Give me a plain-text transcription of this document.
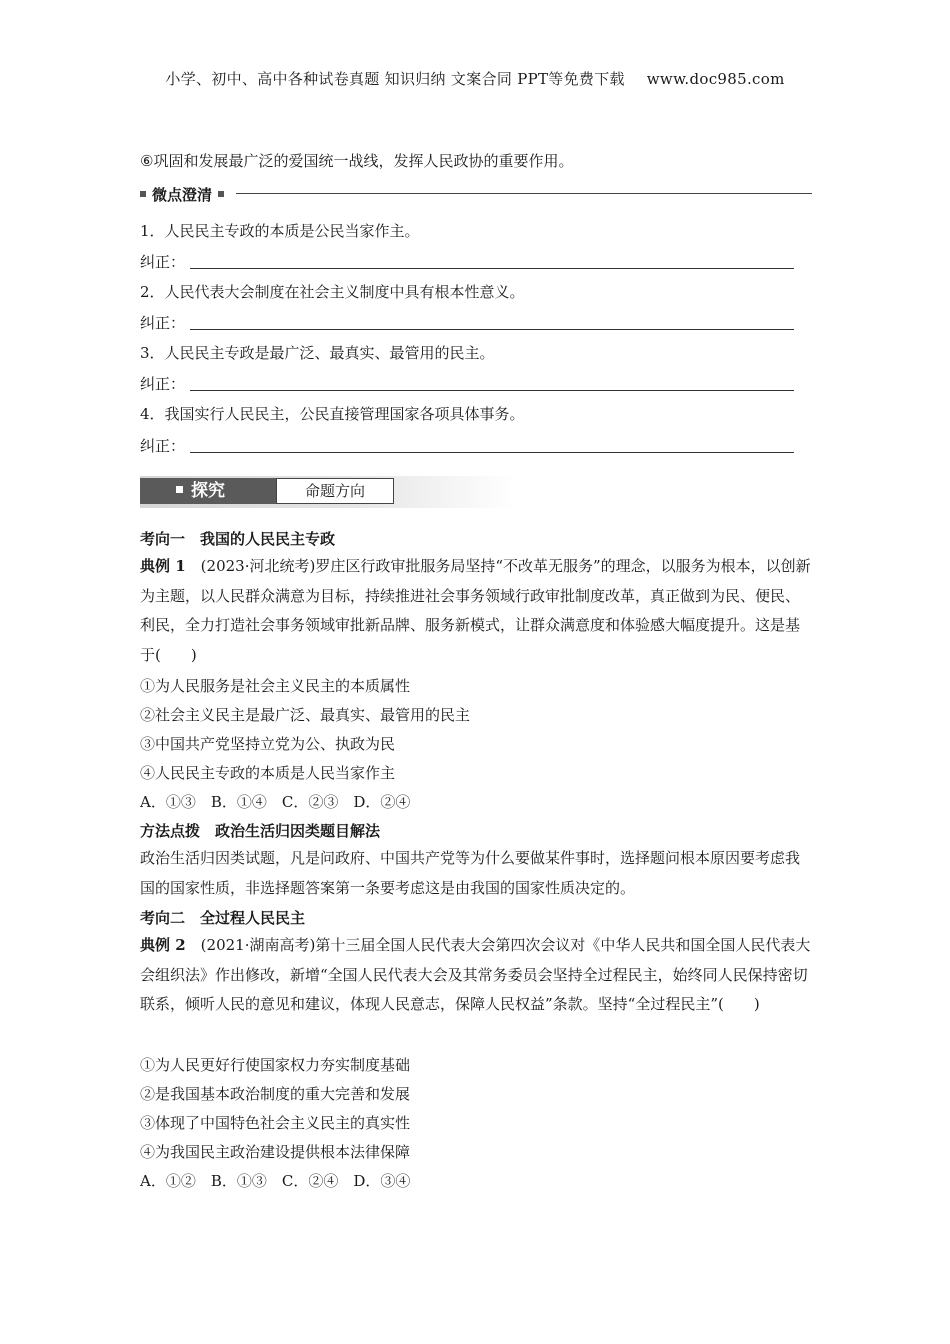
小学、初中、高中各种试卷真题 知识归纳 文案合同 PPT等免费下载 www.doc985.com
⑥巩固和发展最广泛的爱国统一战线，发挥人民政协的重要作用。
微点澄清
1．人民民主专政的本质是公民当家作主。
纠正：
2．人民代表大会制度在社会主义制度中具有根本性意义。
纠正：
3．人民民主专政是最广泛、最真实、最管用的民主。
纠正：
4．我国实行人民民主，公民直接管理国家各项具体事务。
纠正：
探究	命题方向
考向一　我国的人民民主专政
典例 1　(2023·河北统考)罗庄区行政审批服务局坚持“不改革无服务”的理念，以服务为根本，以创新为主题，以人民群众满意为目标，持续推进社会事务领域行政审批制度改革，真正做到为民、便民、利民，全力打造社会事务领域审批新品牌、服务新模式，让群众满意度和体验感大幅度提升。这是基于(　　)
①为人民服务是社会主义民主的本质属性
②社会主义民主是最广泛、最真实、最管用的民主
③中国共产党坚持立党为公、执政为民
④人民民主专政的本质是人民当家作主
A．①③　B．①④　C．②③　D．②④
方法点拨　政治生活归因类题目解法
政治生活归因类试题，凡是问政府、中国共产党等为什么要做某件事时，选择题问根本原因要考虑我国的国家性质，非选择题答案第一条要考虑这是由我国的国家性质决定的。
考向二　全过程人民民主
典例 2　(2021·湖南高考)第十三届全国人民代表大会第四次会议对《中华人民共和国全国人民代表大会组织法》作出修改，新增“全国人民代表大会及其常务委员会坚持全过程民主，始终同人民保持密切联系，倾听人民的意见和建议，体现人民意志，保障人民权益”条款。坚持“全过程民主”(　　)
①为人民更好行使国家权力夯实制度基础
②是我国基本政治制度的重大完善和发展
③体现了中国特色社会主义民主的真实性
④为我国民主政治建设提供根本法律保障
A．①②　B．①③　C．②④　D．③④
